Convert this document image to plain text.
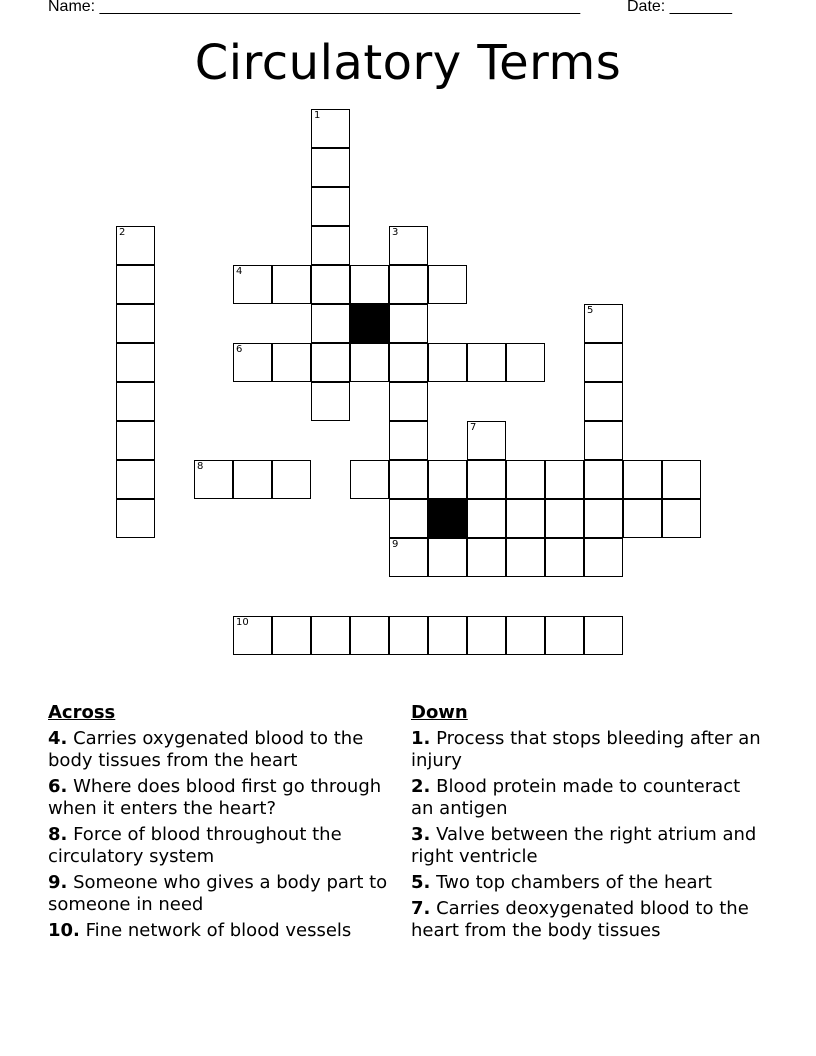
Name: ______________________________________________________	Date: _______
Circulatory Terms
1
2	3
9
4
6
5
7
8
10
Across
4. Carries oxygenated blood to the body tissues from the heart
6. Where does blood first go through when it enters the heart?
8. Force of blood throughout the circulatory system
9. Someone who gives a body part to someone in need
10. Fine network of blood vessels
Down
1. Process that stops bleeding after an injury
2. Blood protein made to counteract an antigen
3. Valve between the right atrium and right ventricle
5. Two top chambers of the heart
7. Carries deoxygenated blood to the heart from the body tissues
